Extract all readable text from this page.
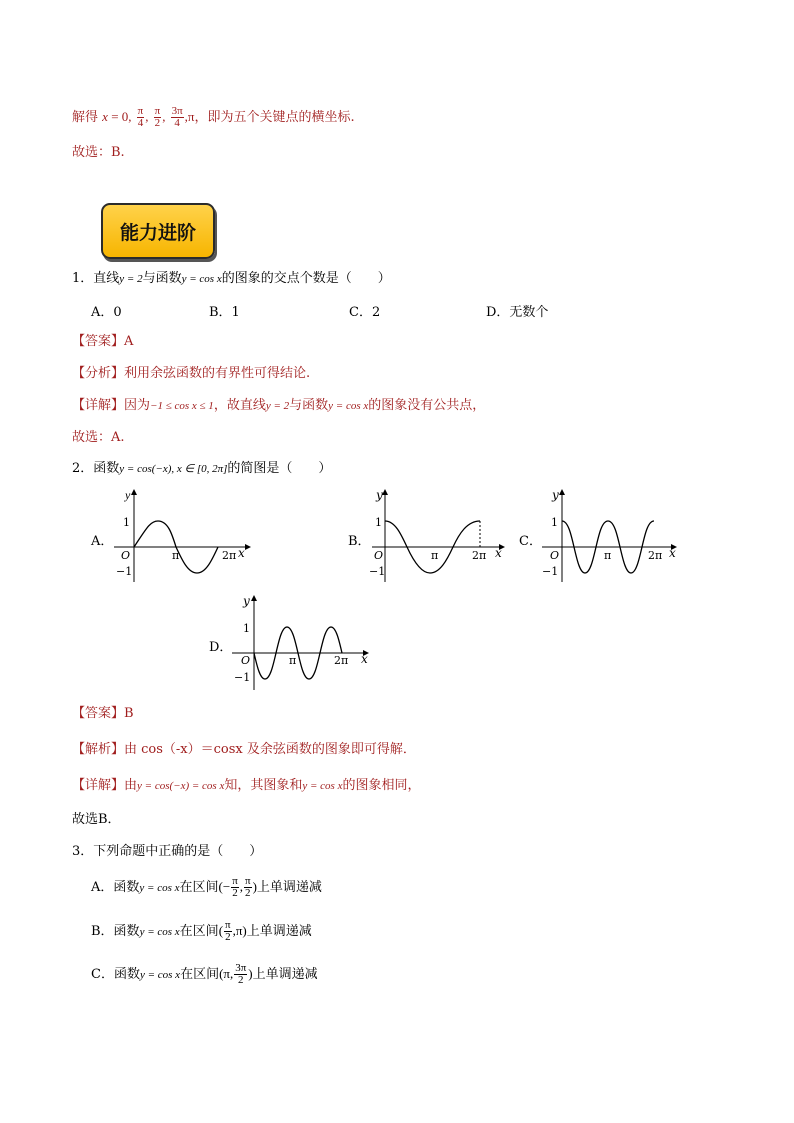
解得 x = 0, $\frac{\pi}{4}$ , $\frac{\pi}{2}$ , $\frac{3\pi}{4} ,\pi$，即为五个关键点的横坐标.
故选：B.
能力进阶
1．直线y = 2与函数y = cos x的图象的交点个数是（　　）
A．0	B．1	C．2	D．无数个
【答案】A
【分析】利用余弦函数的有界性可得结论.
【详解】因为−1 ≤ cos x ≤ 1，故直线y = 2与函数y = cos x的图象没有公共点，
故选：A.
2．函数y = cos(−x), x ∈ [0, 2π]的简图是（　　）
A．	B．	C．
D．
y
x
1
−1
O	π	2π
y
x
1
−1
O	π	2π
y
x
1
−1
O	π	2π
y
x
1
−1
O	π	2π
【答案】B
【解析】由 cos（-x）＝cosx 及余弦函数的图象即可得解．
【详解】由y = cos(−x) = cos x知，其图象和y = cos x的图象相同，
故选B．
3．下列命题中正确的是（　　）
A．函数y = cos x在区间(− $\frac{\pi}{2}$ , $\frac{\pi}{2}$ )上单调递减
B．函数y = cos x在区间( $\frac{\pi}{2} ,\pi$)上单调递减
C．函数y = cos x在区间(π, $\frac{3\pi}{2}$ )上单调递减
